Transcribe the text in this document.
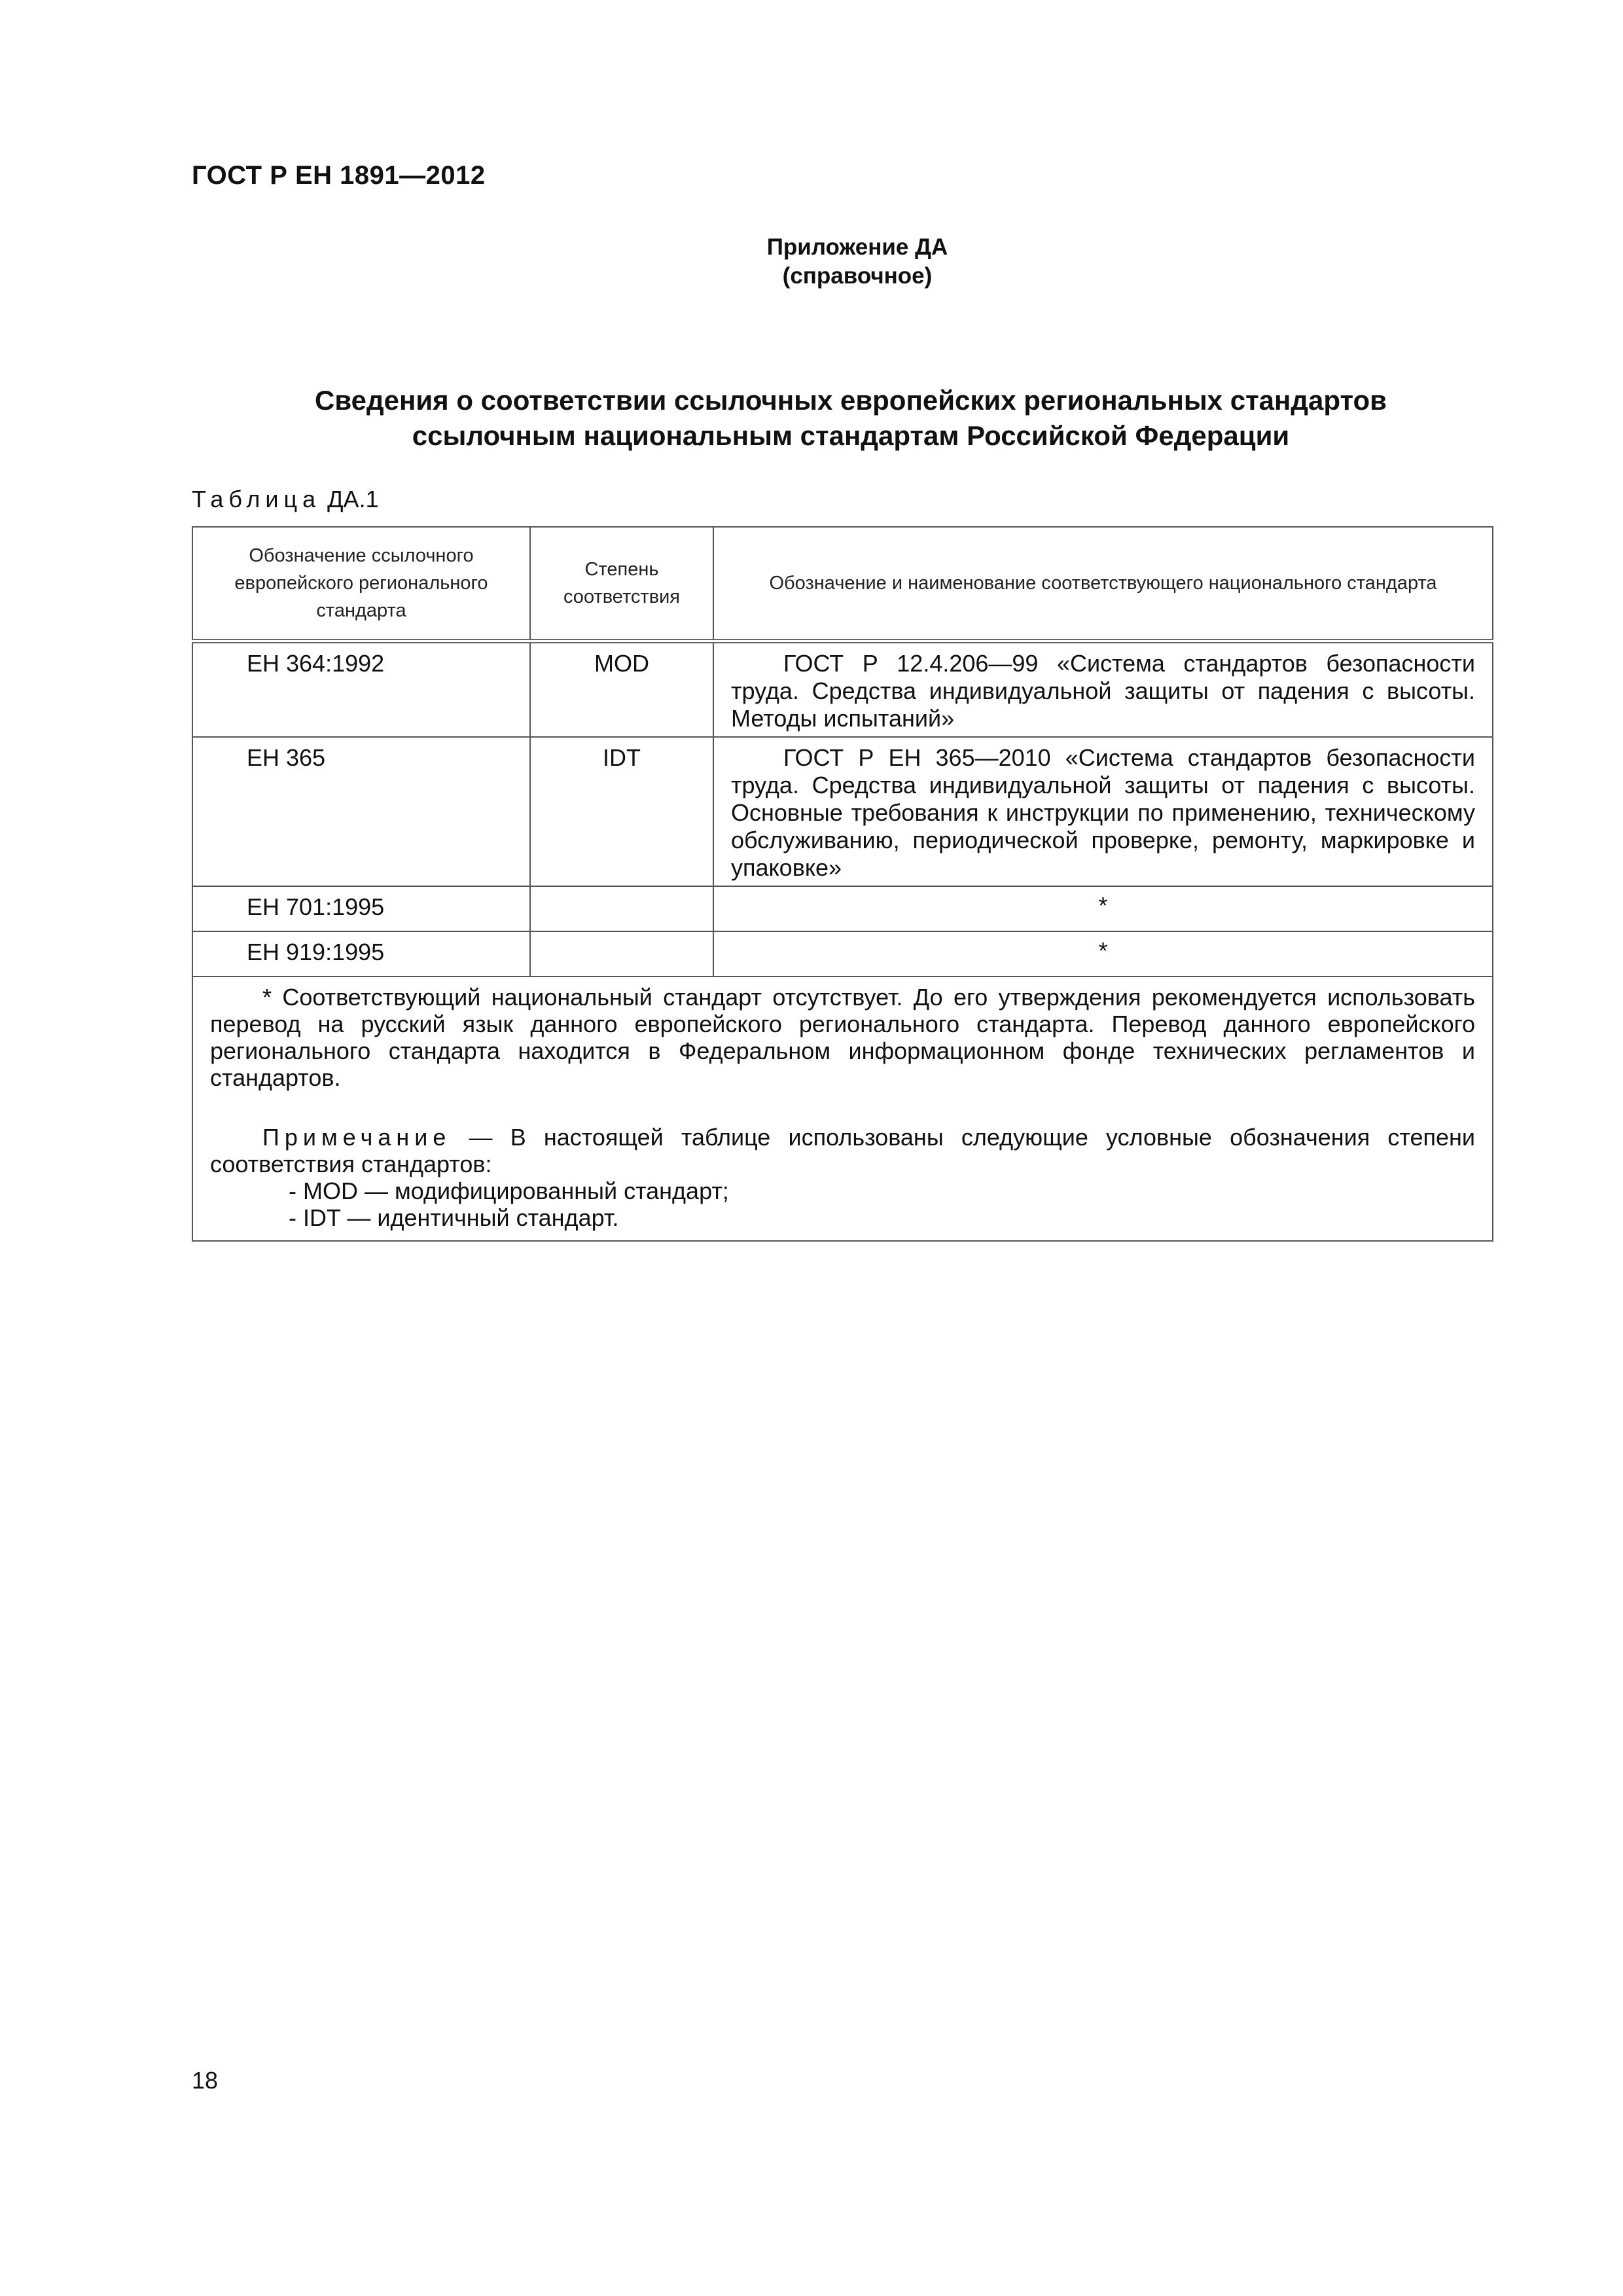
ГОСТ Р ЕН 1891—2012
Приложение ДА
(справочное)
Сведения о соответствии ссылочных европейских региональных стандартов
ссылочным национальным стандартам Российской Федерации
Таблица ДА.1
Обозначение ссылочного европейского регионального стандарта	Степень соответствия	Обозначение и наименование соответствующего национального стандарта
ЕН 364:1992	MOD	ГОСТ Р 12.4.206—99 «Система стандартов безопасности труда. Средства индивидуальной защиты от падения с высоты. Методы испытаний»
ЕН 365	IDT	ГОСТ Р ЕН 365—2010 «Система стандартов безопасности труда. Средства индивидуальной защиты от падения с высоты. Основные требования к инструкции по применению, техническому обслуживанию, периодической проверке, ремонту, маркировке и упаковке»
ЕН 701:1995		*
ЕН 919:1995		*

* Соответствующий национальный стандарт отсутствует. До его утверждения рекомендуется использовать перевод на русский язык данного европейского регионального стандарта. Перевод данного европейского регионального стандарта находится в Федеральном информационном фонде технических регламентов и стандартов.
Примечание — В настоящей таблице использованы следующие условные обозначения степени соответствия стандартов:
- MOD — модифицированный стандарт;
- IDT — идентичный стандарт.		
18
